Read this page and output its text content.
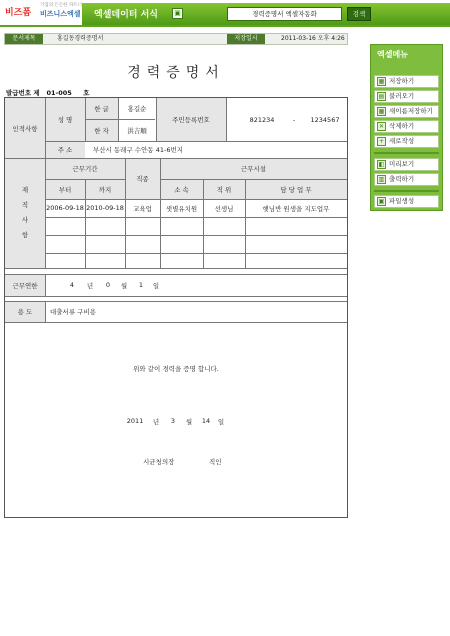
비즈폼
기업의 든든한 파트너
비즈니스엑셀 엑셀데이터 서식	▣	경력증명서 엑셀자동화	검색
문서제목	홍길동경력증명서	저장일시	2011-03-16 오후 4:26
경력증명서
발급번호 제 01-005 호
인적사항
성 명
한 글	홍길순
한 자	洪吉順
주민등록번호	821234	-	1234567
주 소	부산시 동래구 수안동 41-6번지
재직사항
근무기간
부터	까지
직종
근무시설
소 속	직 위	담 당 업 무
2006-09-18 2010-09-18	교육업	샛별유치원	선생님	햇님반 원생을 지도업무
근무연한	4	년	0	월	1	일
용 도	대출서류 구비용
위와 같이 경력을 증명 합니다.
2011	년	3	월	14	일
시균청의장	직인
엑셀메뉴
▦ 저장하기
▤ 불러오기
▦ 새이름저장하기
✕ 삭제하기
+ 새로작성
◧ 미리보기
▥ 출력하기
▣ 파일생성
